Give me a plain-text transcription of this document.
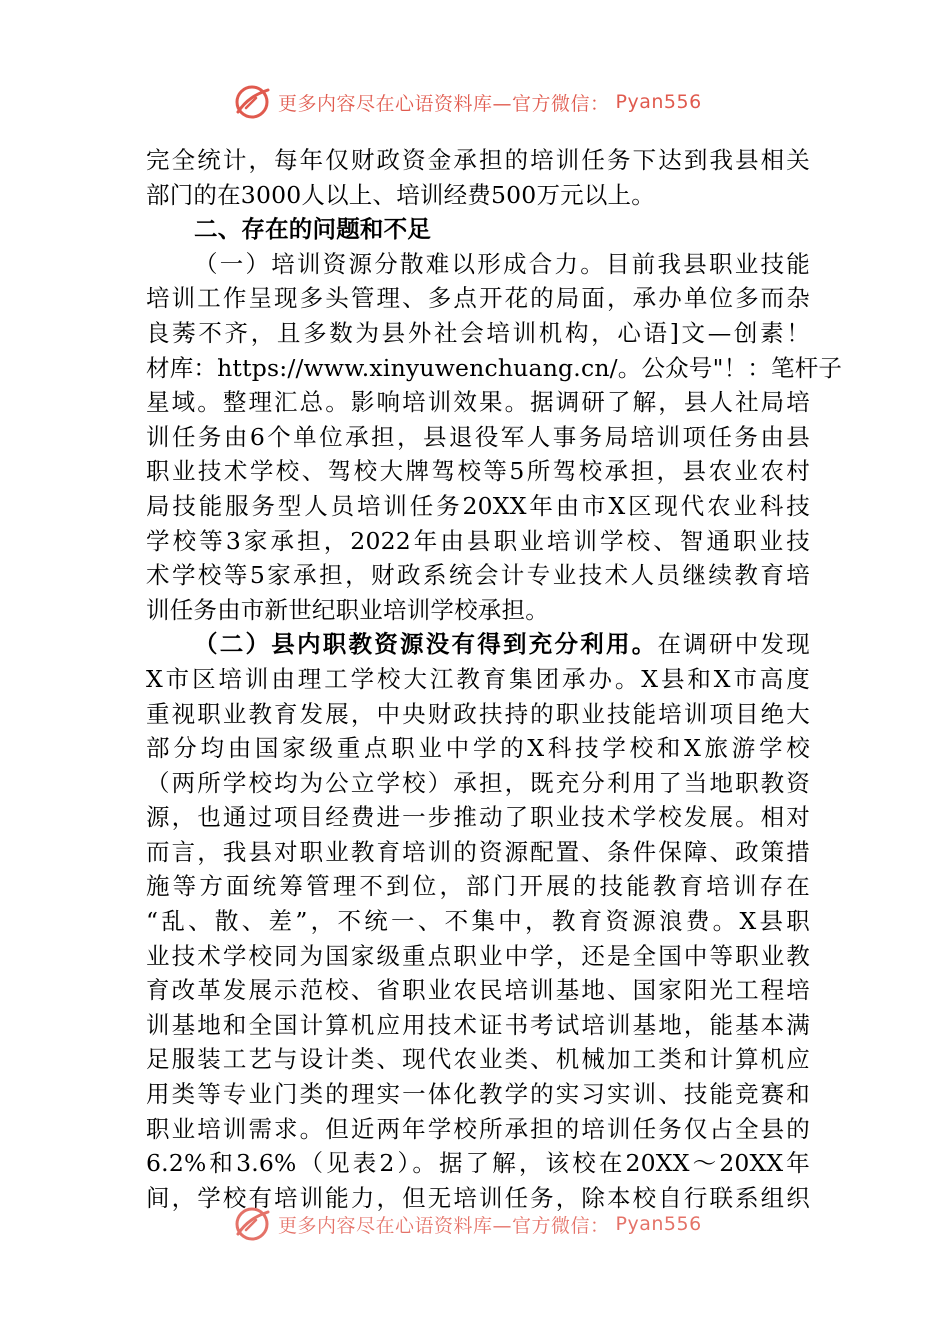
更多内容尽在心语资料库—官方微信： Pyan556
完全统计，每年仅财政资金承担的培训任务下达到我县相关
部门的在3000人以上、培训经费500万元以上。
二、存在的问题和不足
（一）培训资源分散难以形成合力。目前我县职业技能
培训工作呈现多头管理、多点开花的局面，承办单位多而杂
良莠不齐，且多数为县外社会培训机构，心语]文—创素！
材库：https://www.xinyuwenchuang.cn/。公众号"！：笔杆子
星域。整理汇总。影响培训效果。据调研了解，县人社局培
训任务由6个单位承担，县退役军人事务局培训项任务由县
职业技术学校、驾校大牌驾校等5所驾校承担，县农业农村
局技能服务型人员培训任务20XX年由市X区现代农业科技
学校等3家承担，2022年由县职业培训学校、智通职业技
术学校等5家承担，财政系统会计专业技术人员继续教育培
训任务由市新世纪职业培训学校承担。
（二）县内职教资源没有得到充分利用。在调研中发现
X市区培训由理工学校大江教育集团承办。X县和X市高度
重视职业教育发展，中央财政扶持的职业技能培训项目绝大
部分均由国家级重点职业中学的X科技学校和X旅游学校
（两所学校均为公立学校）承担，既充分利用了当地职教资
源，也通过项目经费进一步推动了职业技术学校发展。相对
而言，我县对职业教育培训的资源配置、条件保障、政策措
施等方面统筹管理不到位，部门开展的技能教育培训存在
“乱、散、差”，不统一、不集中，教育资源浪费。X县职
业技术学校同为国家级重点职业中学，还是全国中等职业教
育改革发展示范校、省职业农民培训基地、国家阳光工程培
训基地和全国计算机应用技术证书考试培训基地，能基本满
足服装工艺与设计类、现代农业类、机械加工类和计算机应
用类等专业门类的理实一体化教学的实习实训、技能竞赛和
职业培训需求。但近两年学校所承担的培训任务仅占全县的
6.2%和3.6%（见表2）。据了解，该校在20XX～20XX年
间，学校有培训能力，但无培训任务，除本校自行联系组织
更多内容尽在心语资料库—官方微信： Pyan556
